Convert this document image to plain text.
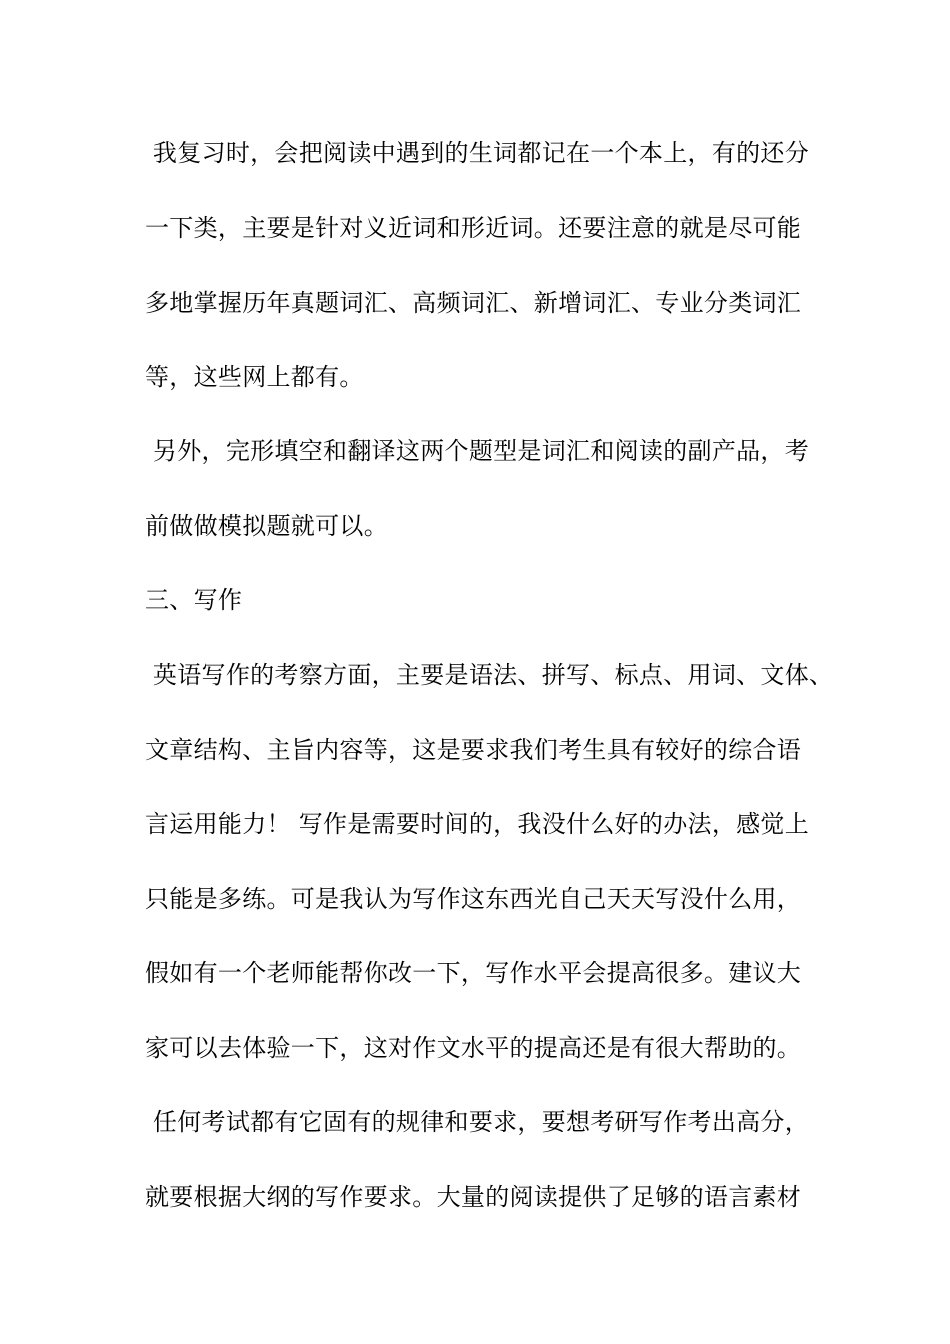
我复习时，会把阅读中遇到的生词都记在一个本上，有的还分
一下类，主要是针对义近词和形近词。还要注意的就是尽可能
多地掌握历年真题词汇、高频词汇、新增词汇、专业分类词汇
等，这些网上都有。
另外，完形填空和翻译这两个题型是词汇和阅读的副产品，考
前做做模拟题就可以。
三、写作
英语写作的考察方面，主要是语法、拼写、标点、用词、文体、
文章结构、主旨内容等，这是要求我们考生具有较好的综合语
言运用能力！ 写作是需要时间的，我没什么好的办法，感觉上
只能是多练。可是我认为写作这东西光自己天天写没什么用，
假如有一个老师能帮你改一下，写作水平会提高很多。建议大
家可以去体验一下，这对作文水平的提高还是有很大帮助的。
任何考试都有它固有的规律和要求，要想考研写作考出高分，
就要根据大纲的写作要求。大量的阅读提供了足够的语言素材
